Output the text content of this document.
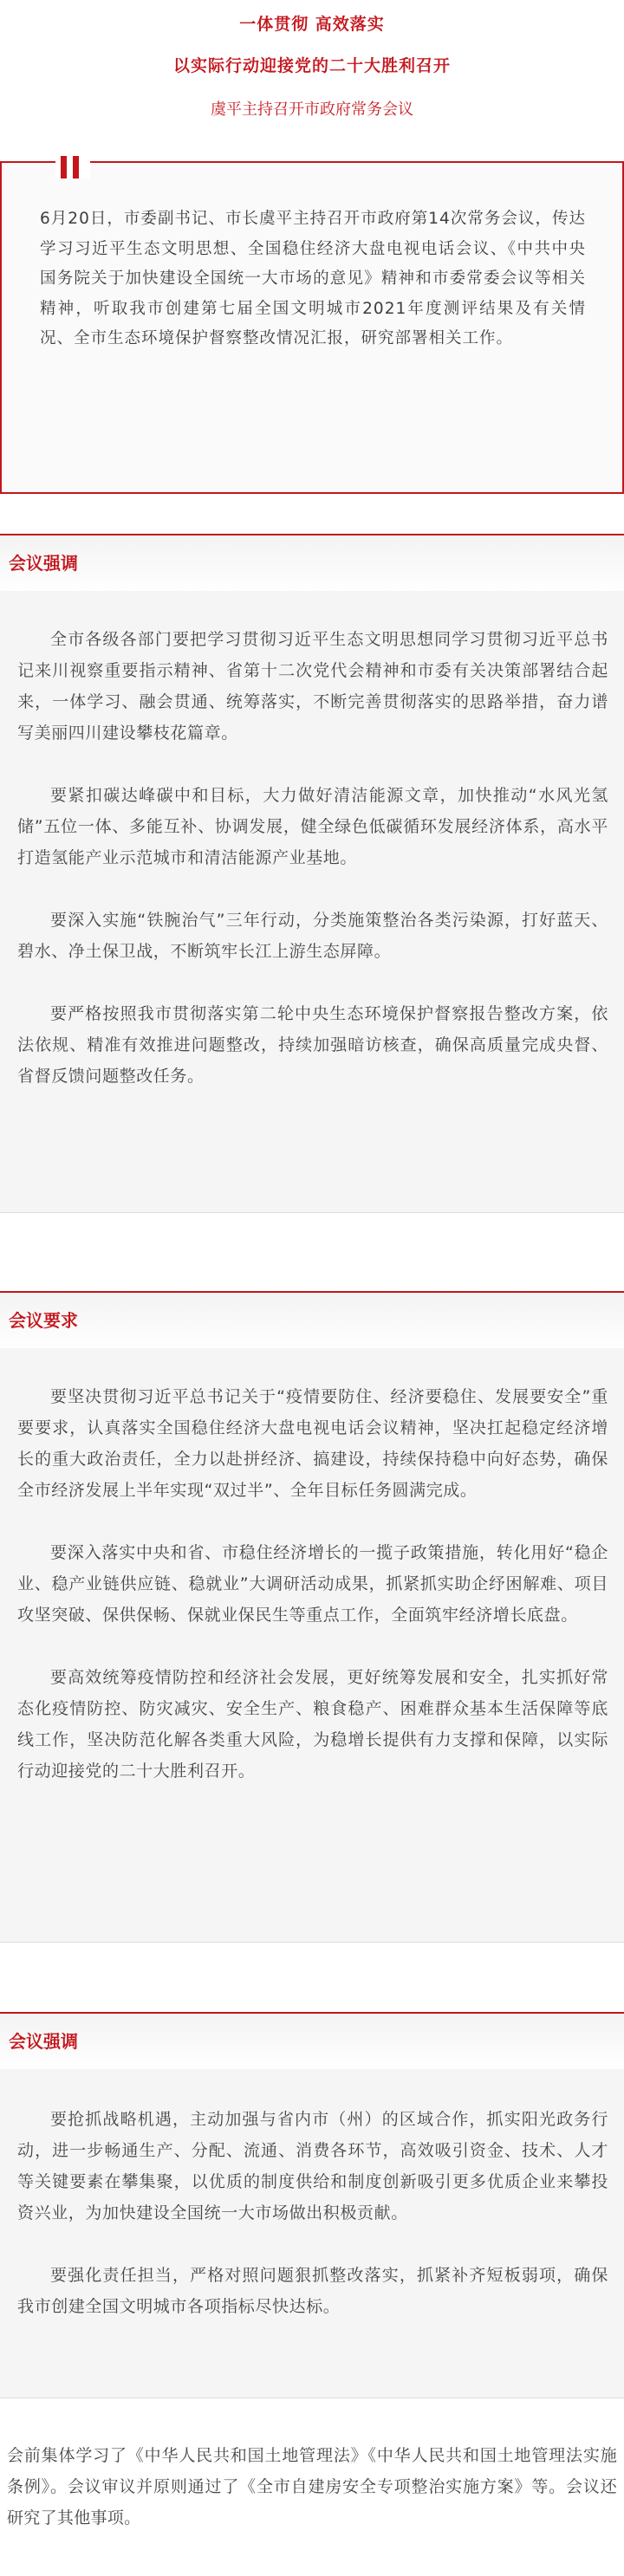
一体贯彻 高效落实
以实际行动迎接党的二十大胜利召开
虞平主持召开市政府常务会议
6月20日，市委副书记、市长虞平主持召开市政府第14次常务会议，传达学习习近平生态文明思想、全国稳住经济大盘电视电话会议、《中共中央 国务院关于加快建设全国统一大市场的意见》精神和市委常委会议等相关精神，听取我市创建第七届全国文明城市2021年度测评结果及有关情况、全市生态环境保护督察整改情况汇报，研究部署相关工作。
会议强调

全市各级各部门要把学习贯彻习近平生态文明思想同学习贯彻习近平总书记来川视察重要指示精神、省第十二次党代会精神和市委有关决策部署结合起来，一体学习、融会贯通、统筹落实，不断完善贯彻落实的思路举措，奋力谱写美丽四川建设攀枝花篇章。

要紧扣碳达峰碳中和目标，大力做好清洁能源文章，加快推动“水风光氢储”五位一体、多能互补、协调发展，健全绿色低碳循环发展经济体系，高水平打造氢能产业示范城市和清洁能源产业基地。

要深入实施“铁腕治气”三年行动，分类施策整治各类污染源，打好蓝天、碧水、净土保卫战，不断筑牢长江上游生态屏障。

要严格按照我市贯彻落实第二轮中央生态环境保护督察报告整改方案，依法依规、精准有效推进问题整改，持续加强暗访核查，确保高质量完成央督、省督反馈问题整改任务。

会议要求

要坚决贯彻习近平总书记关于“疫情要防住、经济要稳住、发展要安全”重要要求，认真落实全国稳住经济大盘电视电话会议精神，坚决扛起稳定经济增长的重大政治责任，全力以赴拼经济、搞建设，持续保持稳中向好态势，确保全市经济发展上半年实现“双过半”、全年目标任务圆满完成。

要深入落实中央和省、市稳住经济增长的一揽子政策措施，转化用好“稳企业、稳产业链供应链、稳就业”大调研活动成果，抓紧抓实助企纾困解难、项目攻坚突破、保供保畅、保就业保民生等重点工作，全面筑牢经济增长底盘。

要高效统筹疫情防控和经济社会发展，更好统筹发展和安全，扎实抓好常态化疫情防控、防灾减灾、安全生产、粮食稳产、困难群众基本生活保障等底线工作，坚决防范化解各类重大风险，为稳增长提供有力支撑和保障，以实际行动迎接党的二十大胜利召开。

会议强调

要抢抓战略机遇，主动加强与省内市（州）的区域合作，抓实阳光政务行动，进一步畅通生产、分配、流通、消费各环节，高效吸引资金、技术、人才等关键要素在攀集聚，以优质的制度供给和制度创新吸引更多优质企业来攀投资兴业，为加快建设全国统一大市场做出积极贡献。

要强化责任担当，严格对照问题狠抓整改落实，抓紧补齐短板弱项，确保我市创建全国文明城市各项指标尽快达标。

会前集体学习了《中华人民共和国土地管理法》《中华人民共和国土地管理法实施条例》。会议审议并原则通过了《全市自建房安全专项整治实施方案》等。会议还研究了其他事项。
